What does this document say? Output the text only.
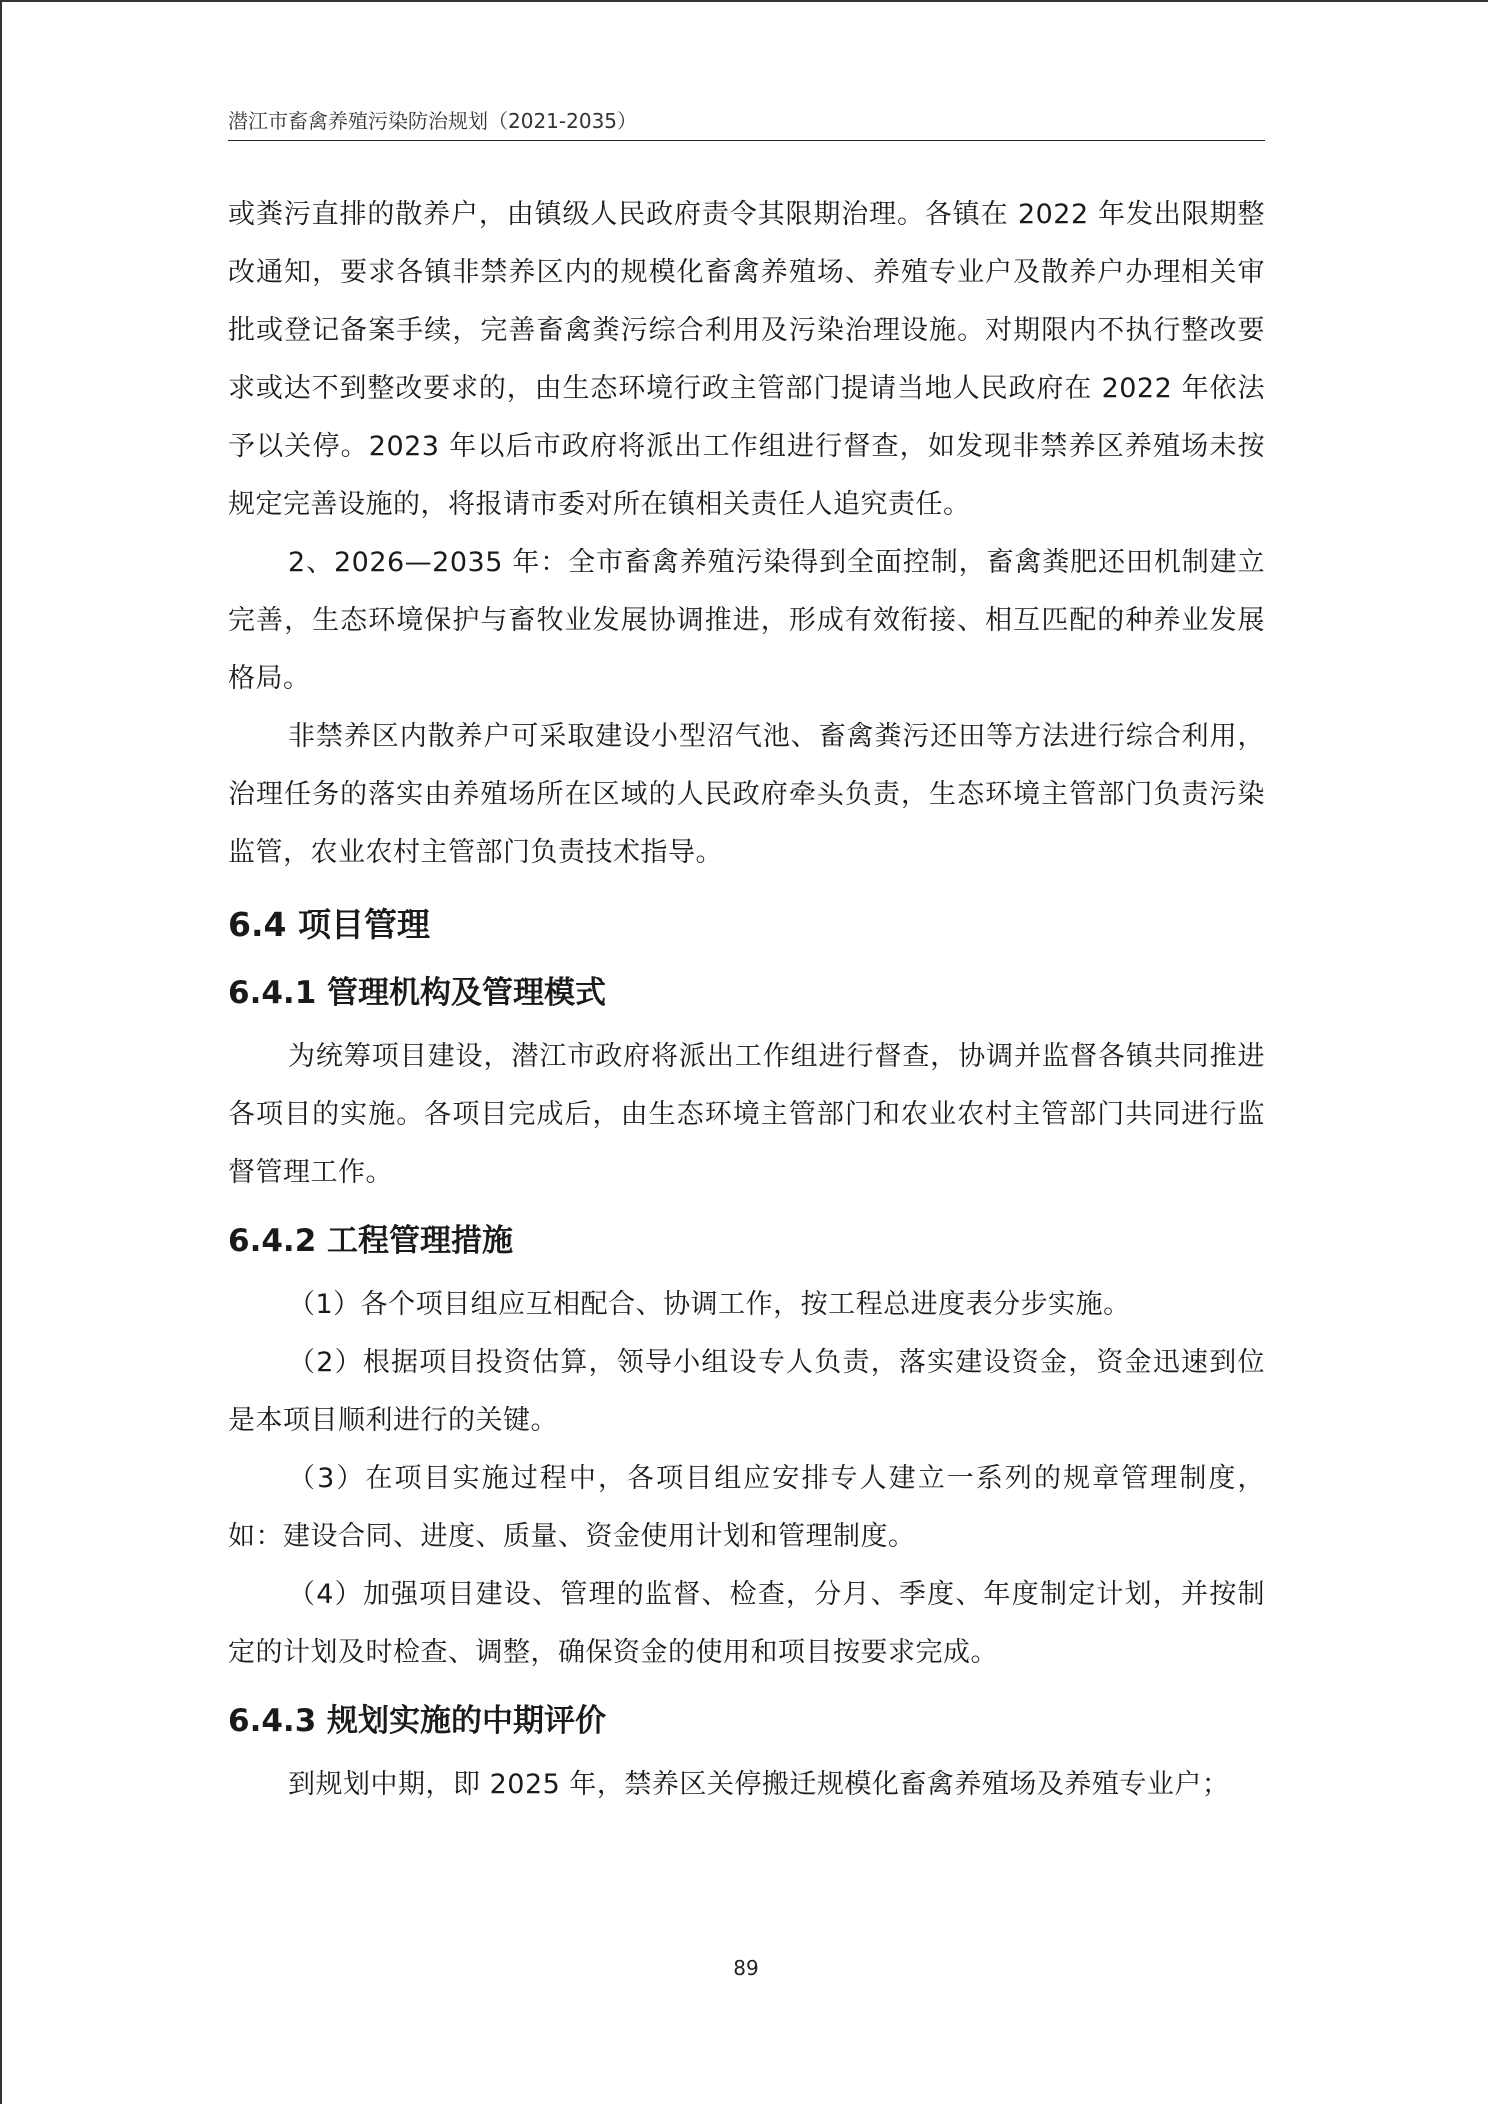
潜江市畜禽养殖污染防治规划（2021-2035）

或粪污直排的散养户，由镇级人民政府责令其限期治理。各镇在 2022 年发出限期整改通知，要求各镇非禁养区内的规模化畜禽养殖场、养殖专业户及散养户办理相关审批或登记备案手续，完善畜禽粪污综合利用及污染治理设施。对期限内不执行整改要求或达不到整改要求的，由生态环境行政主管部门提请当地人民政府在 2022 年依法予以关停。2023 年以后市政府将派出工作组进行督查，如发现非禁养区养殖场未按规定完善设施的，将报请市委对所在镇相关责任人追究责任。

2、2026—2035 年：全市畜禽养殖污染得到全面控制，畜禽粪肥还田机制建立完善，生态环境保护与畜牧业发展协调推进，形成有效衔接、相互匹配的种养业发展格局。

非禁养区内散养户可采取建设小型沼气池、畜禽粪污还田等方法进行综合利用，治理任务的落实由养殖场所在区域的人民政府牵头负责，生态环境主管部门负责污染监管，农业农村主管部门负责技术指导。

6.4 项目管理
6.4.1 管理机构及管理模式

为统筹项目建设，潜江市政府将派出工作组进行督查，协调并监督各镇共同推进各项目的实施。各项目完成后，由生态环境主管部门和农业农村主管部门共同进行监督管理工作。

6.4.2 工程管理措施

（1）各个项目组应互相配合、协调工作，按工程总进度表分步实施。

（2）根据项目投资估算，领导小组设专人负责，落实建设资金，资金迅速到位是本项目顺利进行的关键。

（3）在项目实施过程中，各项目组应安排专人建立一系列的规章管理制度，如：建设合同、进度、质量、资金使用计划和管理制度。

（4）加强项目建设、管理的监督、检查，分月、季度、年度制定计划，并按制定的计划及时检查、调整，确保资金的使用和项目按要求完成。

6.4.3 规划实施的中期评价

到规划中期，即 2025 年，禁养区关停搬迁规模化畜禽养殖场及养殖专业户；

89
